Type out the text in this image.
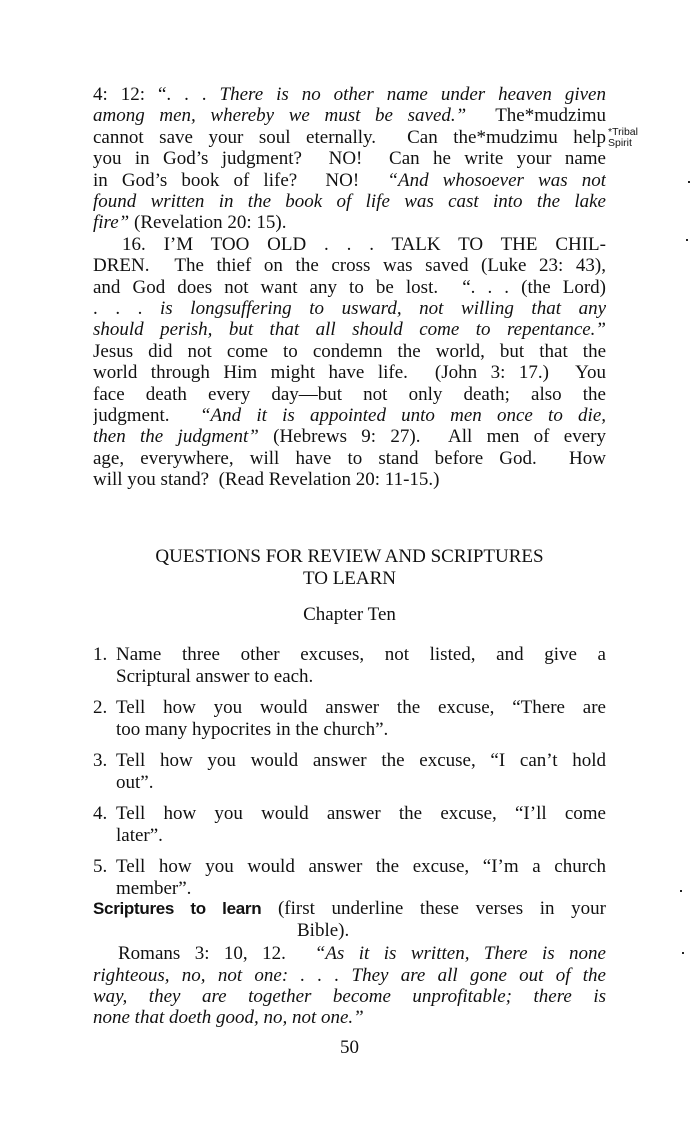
4: 12: “. . . There is no other name under heaven given
among men, whereby we must be saved.”  The*mudzimu
cannot save your soul eternally.  Can the*mudzimu help
you in God’s judgment?  NO!  Can he write your name
in God’s book of life?  NO!  “And whosoever was not
found written in the book of life was cast into the lake
fire” (Revelation 20: 15).
16. I’M TOO OLD . . . TALK TO THE CHIL-
DREN.  The thief on the cross was saved (Luke 23: 43),
and God does not want any to be lost.  “. . . (the Lord)
. . . is longsuffering to usward, not willing that any
should perish, but that all should come to repentance.”
Jesus did not come to condemn the world, but that the
world through Him might have life.  (John 3: 17.)  You
face death every day—but not only death; also the
judgment.  “And it is appointed unto men once to die,
then the judgment” (Hebrews 9: 27).  All men of every
age, everywhere, will have to stand before God.  How
will you stand?  (Read Revelation 20: 11-15.)
QUESTIONS FOR REVIEW AND SCRIPTURES
TO LEARN
Chapter Ten
1. Name three other excuses, not listed, and give a
Scriptural answer to each.
2. Tell how you would answer the excuse, “There are
too many hypocrites in the church”.
3. Tell how you would answer the excuse, “I can’t hold
out”.
4. Tell how you would answer the excuse, “I’ll come
later”.
5. Tell how you would answer the excuse, “I’m a church
member”.
Scriptures to learn (first underline these verses in your
Bible).
Romans 3: 10, 12.  “As it is written, There is none
righteous, no, not one: . . . They are all gone out of the
way, they are together become unprofitable; there is
none that doeth good, no, not one.”
50
*Tribal
Spirit
